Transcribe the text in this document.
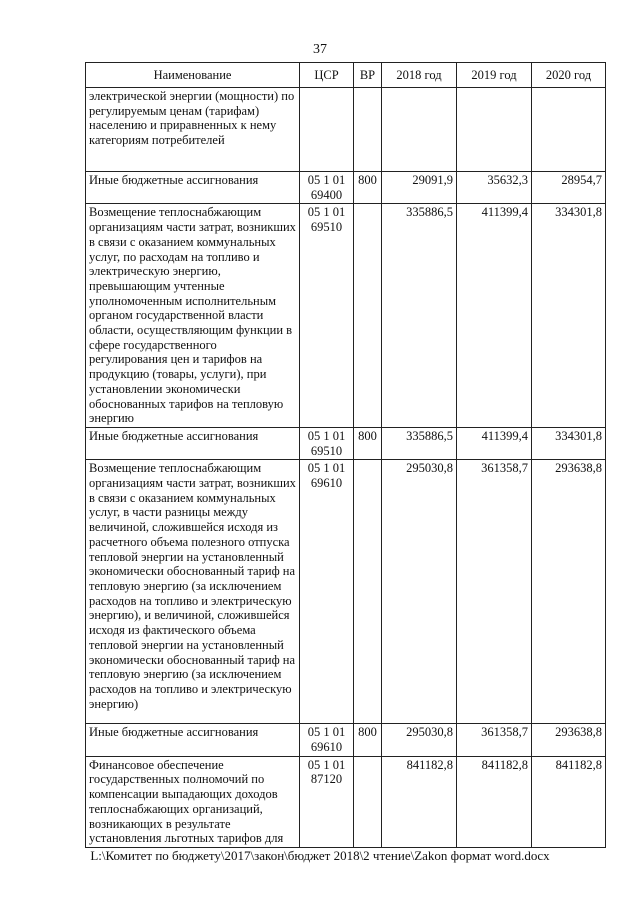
37
Наименование	ЦСР	ВР	2018 год	2019 год	2020 год
электрической энергии (мощности) по регулируемым ценам (тарифам) населению и приравненных к нему категориям потребителей					
Иные бюджетные ассигнования	05 1 01 69400	800	29091,9	35632,3	28954,7
Возмещение теплоснабжающим организациям части затрат, возникших в связи с оказанием коммунальных услуг, по расходам на топливо и электрическую энергию, превышающим учтенные уполномоченным исполнительным органом государственной власти области, осуществляющим функции в сфере государственного регулирования цен и тарифов на продукцию (товары, услуги), при установлении экономически обоснованных тарифов на тепловую энергию	05 1 01 69510		335886,5	411399,4	334301,8
Иные бюджетные ассигнования	05 1 01 69510	800	335886,5	411399,4	334301,8
Возмещение теплоснабжающим организациям части затрат, возникших в связи с оказанием коммунальных услуг, в части разницы между величиной, сложившейся исходя из расчетного объема полезного отпуска тепловой энергии на установленный экономически обоснованный тариф на тепловую энергию (за исключением расходов на топливо и электрическую энергию), и величиной, сложившейся исходя из фактического объема тепловой энергии на установленный экономически обоснованный тариф на тепловую энергию (за исключением расходов на топливо и электрическую энергию)	05 1 01 69610		295030,8	361358,7	293638,8
Иные бюджетные ассигнования	05 1 01 69610	800	295030,8	361358,7	293638,8
Финансовое обеспечение государственных полномочий по компенсации выпадающих доходов теплоснабжающих организаций, возникающих в результате установления льготных тарифов для	05 1 01 87120		841182,8	841182,8	841182,8
L:\Комитет по бюджету\2017\закон\бюджет 2018\2 чтение\Zakon формат word.docx
